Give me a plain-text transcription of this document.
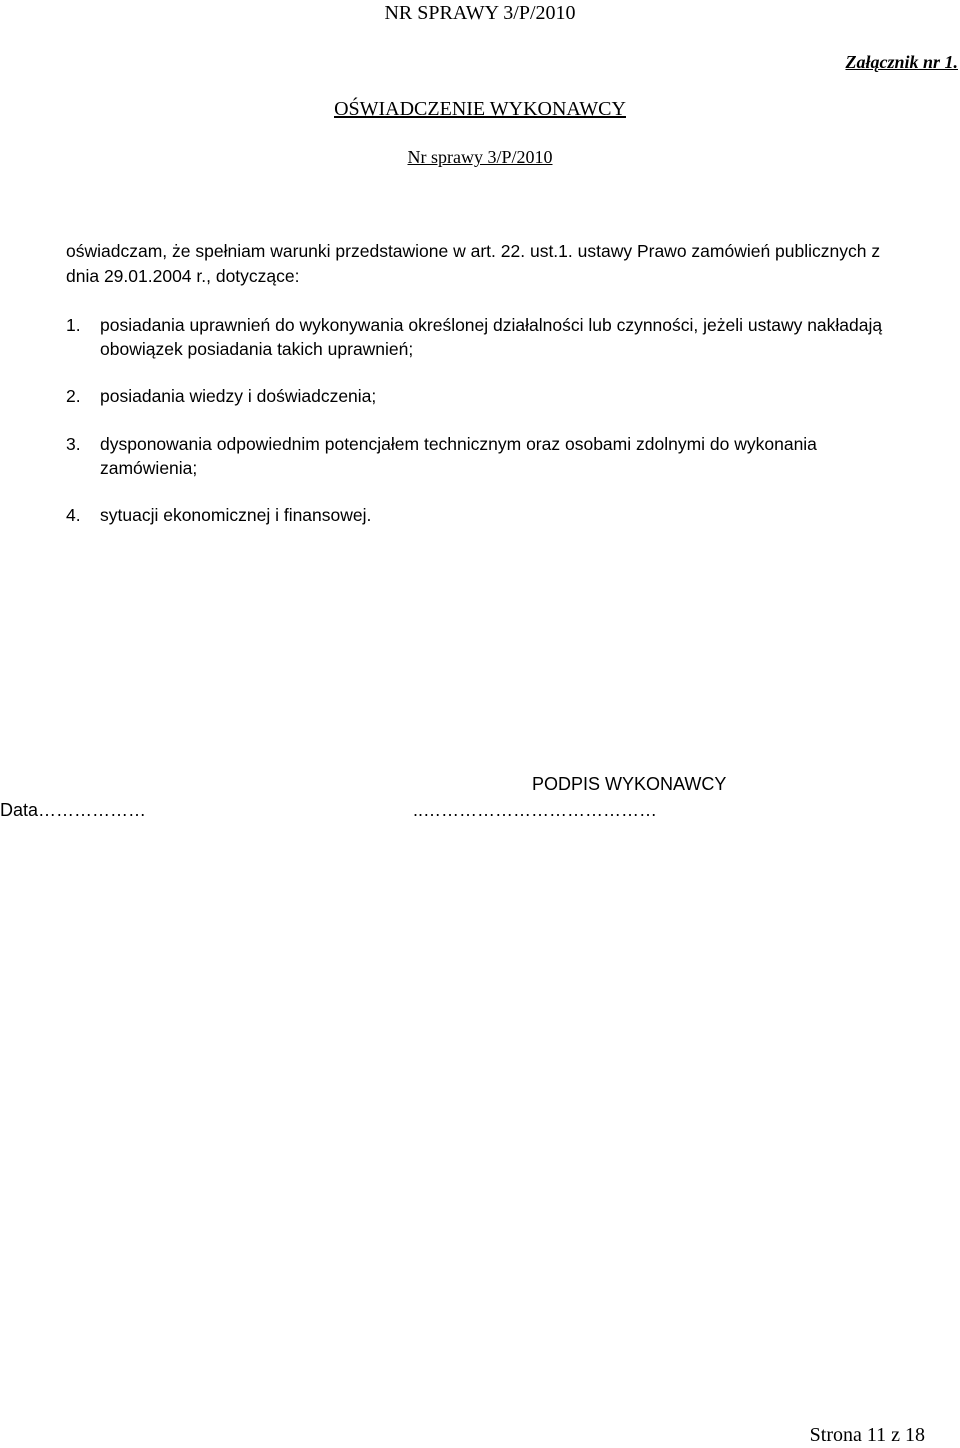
NR SPRAWY 3/P/2010
Załącznik nr 1.
OŚWIADCZENIE WYKONAWCY
Nr sprawy 3/P/2010
oświadczam, że spełniam warunki przedstawione w art. 22. ust.1. ustawy Prawo zamówień publicznych z
dnia 29.01.2004 r., dotyczące:
1.	posiadania uprawnień do wykonywania określonej działalności lub czynności, jeżeli ustawy nakładają
obowiązek posiadania takich uprawnień;
2.	posiadania wiedzy i doświadczenia;
3.	dysponowania odpowiednim potencjałem technicznym oraz osobami zdolnymi do wykonania
zamówienia;
4.	sytuacji ekonomicznej i finansowej.
PODPIS WYKONAWCY
Data………………	..…………………………………
Strona 11 z 18
